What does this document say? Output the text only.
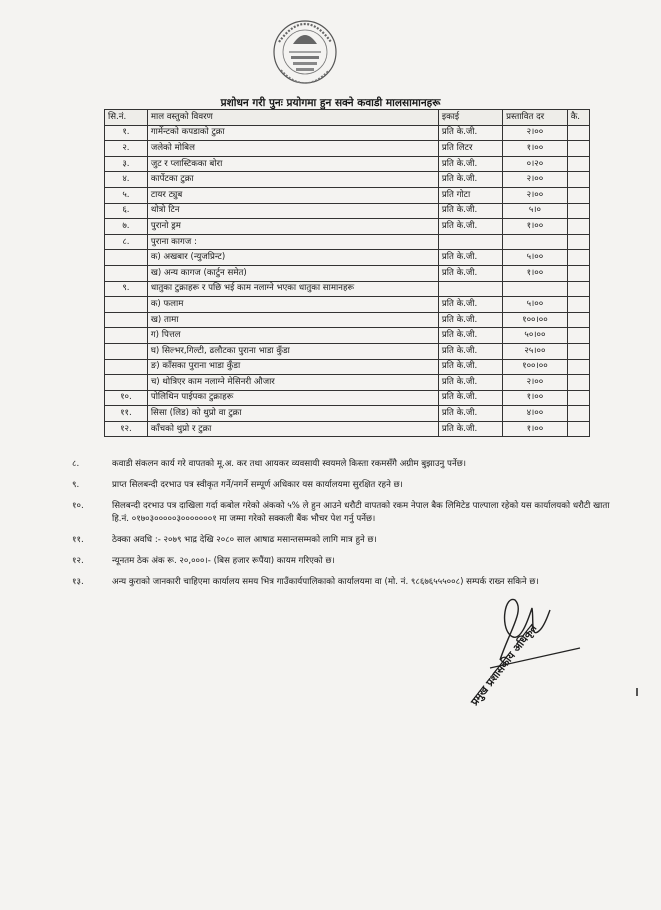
प्रशोधन गरी पुनः प्रयोगमा हुन सक्ने कवाडी मालसामानहरू
सि.नं.	माल वस्तुको विवरण	इकाई	प्रस्तावित दर	कै.
१.	गार्मेन्टको कपडाको टुक्रा	प्रति के.जी.	२।००	
२.	जलेको मोबिल	प्रति लिटर	१।००	
३.	जुट र प्लास्टिकका बोरा	प्रति के.जी.	०।२०	
४.	कार्पेटका टुक्रा	प्रति के.जी.	२।००	
५.	टायर ट्युब	प्रति गोटा	२।००	
६.	थोत्रो टिन	प्रति के.जी.	५।०	
७.	पुरानो ड्रम	प्रति के.जी.	१।००	
८.	पुराना कागज :			
	क) अखबार (न्युजप्रिन्ट)	प्रति के.जी.	५।००	
	ख) अन्य कागज (कार्टुन समेत)	प्रति के.जी.	१।००	
९.	धातुका टुक्राहरू र पछि भई काम नलाग्ने भएका धातुका सामानहरू			
	क) फलाम	प्रति के.जी.	५।००	
	ख) तामा	प्रति के.जी.	१००।००	
	ग) पित्तल	प्रति के.जी.	५०।००	
	घ) सिल्भर,गिल्टी, ढलौटका पुराना भाडा कुँडा	प्रति के.जी.	२५।००	
	ङ) काँसका पुराना भाडा कुँडा	प्रति के.जी.	१००।००	
	च) थोत्रिएर काम नलाग्ने मेसिनरी औजार	प्रति के.जी.	२।००	
१०.	पोलिथिन पाईपका टुक्राहरू	प्रति के.जी.	१।००	
११.	सिसा (लिड) को थुप्रो वा टुक्रा	प्रति के.जी.	४।००	
१२.	काँचको थुप्रो र टुक्रा	प्रति के.जी.	१।००	
८.	कवाडी संकलन कार्य गरे वापतको मू.अ. कर तथा आयकर व्यवसायी स्वयमले किस्ता रकमसँगै अग्रीम बुझाउनु पर्नेछ।
९.	प्राप्त सिलबन्दी दरभाउ पत्र स्वीकृत गर्ने/नगर्ने सम्पूर्ण अधिकार यस कार्यालयमा सुरक्षित रहने छ।
१०.	सिलबन्दी दरभाउ पत्र दाखिला गर्दा कबोल गरेको अंकको ५% ले हुन आउने धरौटी वापतको रकम नेपाल बैक लिमिटेड पाल्पाला रहेको यस कार्यालयको धरौटी खाता हि.नं. ०१७०३०००००३०००००००१ मा जम्मा गरेको सक्कली बैंक भौचर पेश गर्नु पर्नेछ।
११.	ठेक्का अवधि :- २०७९ भाद्र देखि २०८० साल आषाढ मसान्तसम्मको लागि मात्र हुने छ।
१२.	न्यूनतम ठेक अंक रू. २०,०००।- (बिस हजार रूपैंया) कायम गरिएको छ।
१३.	अन्य कुराको जानकारी चाहिएमा कार्यालय समय भित्र गाउँकार्यपालिकाको कार्यालयमा वा (मो. नं. ९८६७६५५५००८) सम्पर्क राख्न सकिने छ।
प्रमुख प्रशासकीय अधिकृत
